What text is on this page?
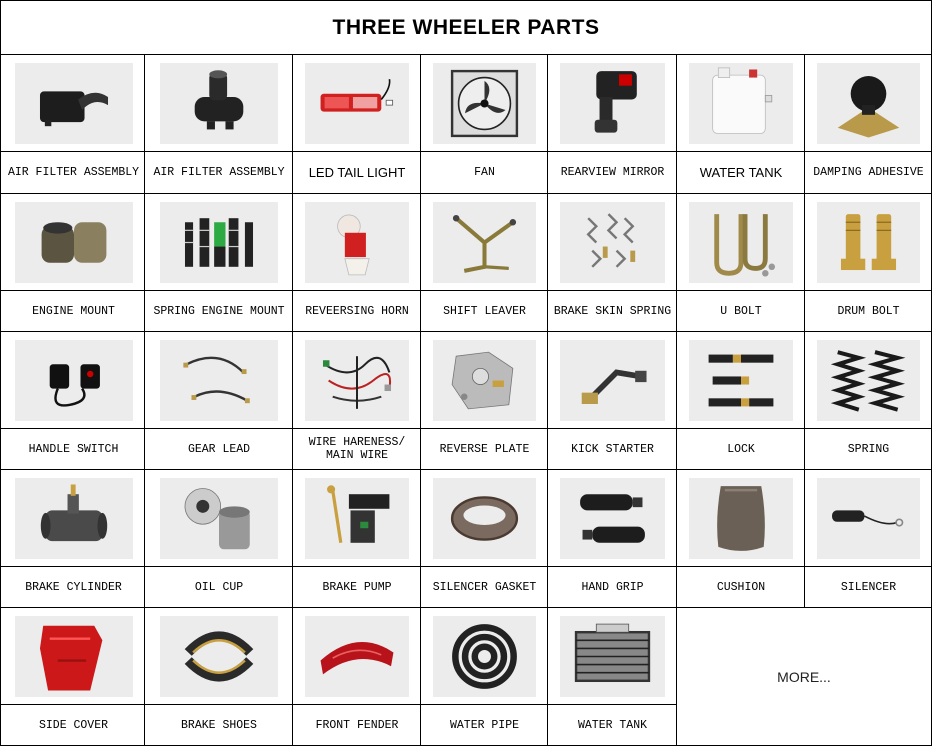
THREE WHEELER PARTS
AIR FILTER ASSEMBLY	AIR FILTER ASSEMBLY	LED TAIL LIGHT	FAN	REARVIEW MIRROR	WATER TANK	DAMPING ADHESIVE
ENGINE MOUNT	SPRING ENGINE MOUNT	REVEERSING HORN	SHIFT LEAVER	BRAKE SKIN SPRING	U BOLT	DRUM BOLT
HANDLE SWITCH	GEAR LEAD	WIRE HARENESS/ MAIN WIRE	REVERSE PLATE	KICK STARTER	LOCK	SPRING
BRAKE CYLINDER	OIL CUP	BRAKE PUMP	SILENCER GASKET	HAND GRIP	CUSHION	SILENCER
SIDE COVER	BRAKE SHOES	FRONT FENDER	WATER PIPE	WATER TANK
MORE...
